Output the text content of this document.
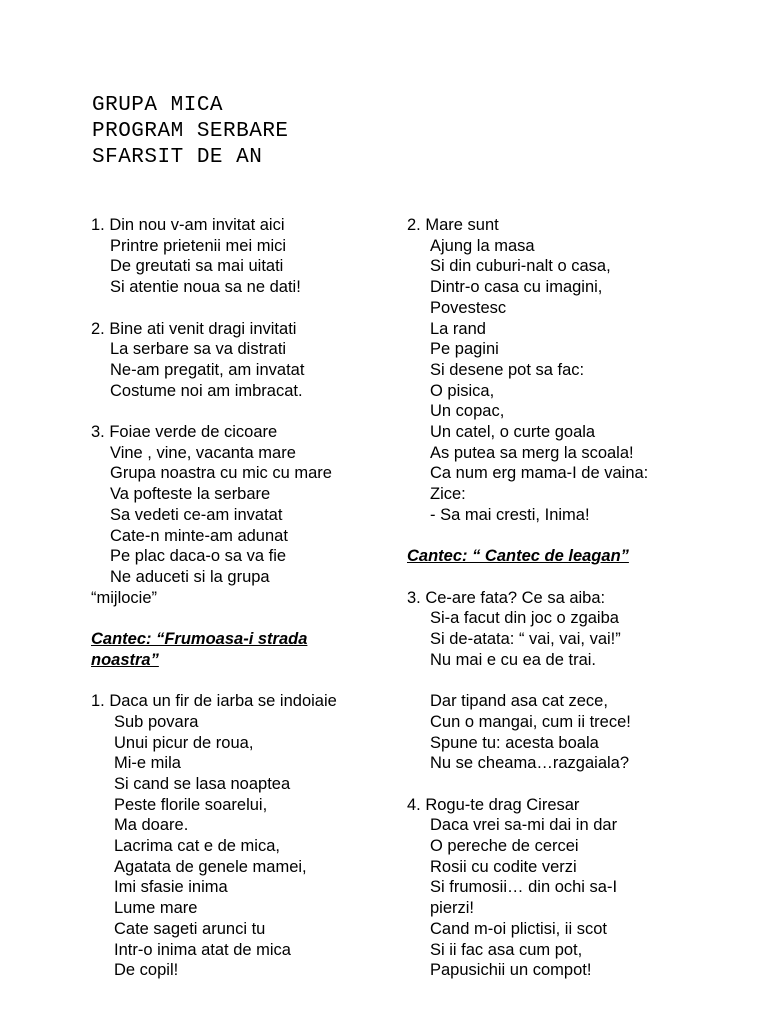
GRUPA MICA
PROGRAM SERBARE
SFARSIT DE AN
1. Din nou v-am invitat aici
Printre prietenii mei mici
De greutati sa mai uitati
Si atentie noua sa ne dati!
2. Bine ati venit dragi invitati
La serbare sa va distrati
Ne-am pregatit, am invatat
Costume noi am imbracat.
3. Foiae verde de cicoare
Vine , vine, vacanta mare
Grupa noastra cu mic cu mare
Va pofteste la serbare
Sa vedeti ce-am invatat
Cate-n minte-am adunat
Pe plac daca-o sa va fie
Ne aduceti si la grupa
“mijlocie”
Cantec: “Frumoasa-i strada
noastra”
1. Daca un fir de iarba se indoiaie
Sub povara
Unui picur de roua,
Mi-e mila
Si cand se lasa noaptea
Peste florile soarelui,
Ma doare.
Lacrima cat e de mica,
Agatata de genele mamei,
Imi sfasie inima
Lume mare
Cate sageti arunci tu
Intr-o inima atat de mica
De copil!
2. Mare sunt
Ajung la masa
Si din cuburi-nalt o casa,
Dintr-o casa cu imagini,
Povestesc
La rand
Pe pagini
Si desene pot sa fac:
O pisica,
Un copac,
Un catel, o curte goala
As putea sa merg la scoala!
Ca num erg mama-I de vaina:
Zice:
- Sa mai cresti, Inima!
Cantec: “ Cantec de leagan”
3. Ce-are fata? Ce sa aiba:
Si-a facut din joc o zgaiba
Si de-atata: “ vai, vai, vai!”
Nu mai e cu ea de trai.
Dar tipand asa cat zece,
Cun o mangai, cum ii trece!
Spune tu: acesta boala
Nu se cheama…razgaiala?
4. Rogu-te drag Ciresar
Daca vrei sa-mi dai in dar
O pereche de cercei
Rosii cu codite verzi
Si frumosii… din ochi sa-I
pierzi!
Cand m-oi plictisi, ii scot
Si ii fac asa cum pot,
Papusichii un compot!
